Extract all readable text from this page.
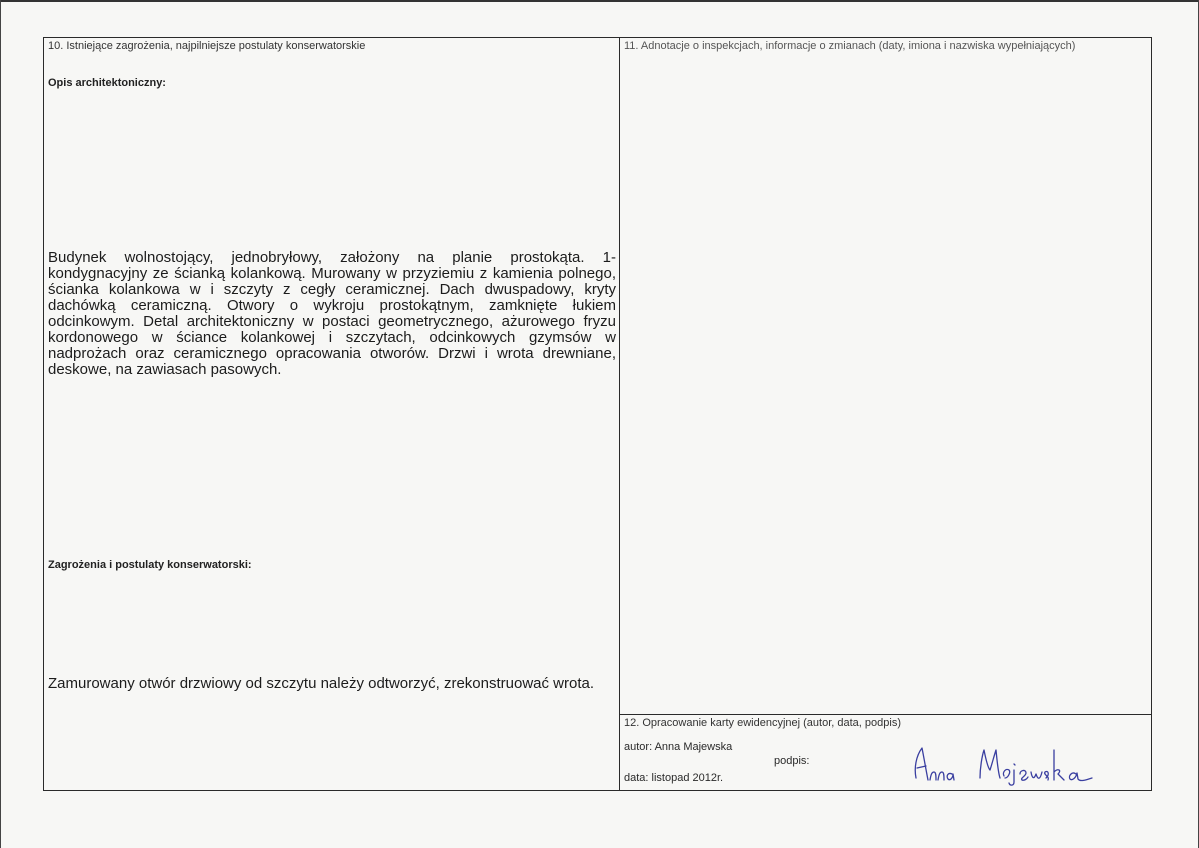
10. Istniejące zagrożenia, najpilniejsze postulaty konserwatorskie
Opis architektoniczny:
Budynek wolnostojący, jednobryłowy, założony na planie prostokąta. 1-kondygnacyjny ze ścianką kolankową. Murowany w przyziemiu z kamienia polnego, ścianka kolankowa w i szczyty z cegły ceramicznej. Dach dwuspadowy, kryty dachówką ceramiczną. Otwory o wykroju prostokątnym, zamknięte łukiem odcinkowym. Detal architektoniczny w postaci geometrycznego, ażurowego fryzu kordonowego w ściance kolankowej i szczytach, odcinkowych gzymsów w nadprożach oraz ceramicznego opracowania otworów. Drzwi i wrota drewniane, deskowe, na zawiasach pasowych.
Zagrożenia i postulaty konserwatorski:
Zamurowany otwór drzwiowy od szczytu należy odtworzyć, zrekonstruować wrota.
11. Adnotacje o inspekcjach, informacje o zmianach (daty, imiona i nazwiska wypełniających)
12. Opracowanie karty ewidencyjnej (autor, data, podpis)
autor: Anna Majewska
podpis:
data: listopad 2012r.
